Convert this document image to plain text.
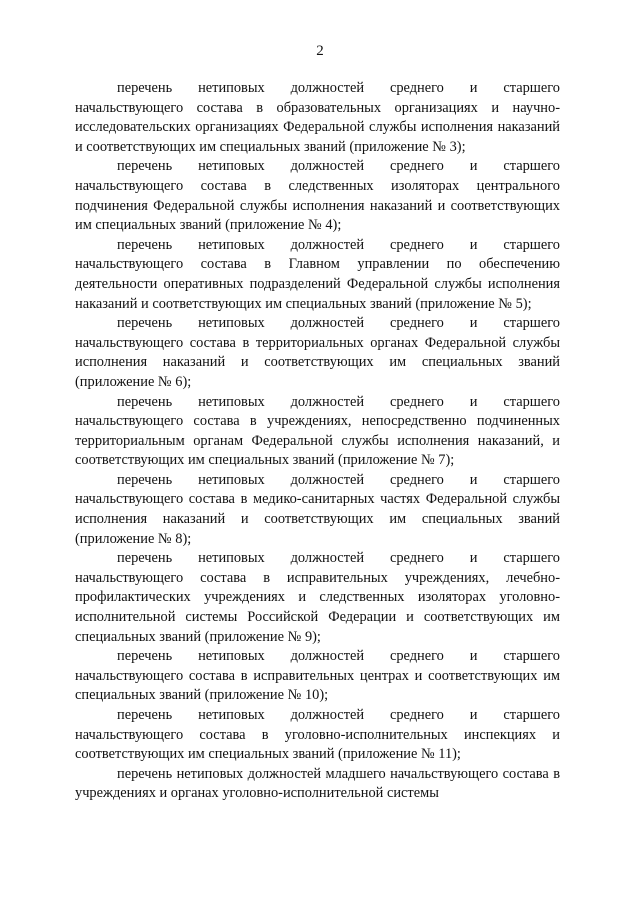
2

перечень нетиповых должностей среднего и старшего начальствующего состава в образовательных организациях и научно-исследовательских организациях Федеральной службы исполнения наказаний и соответствующих им специальных званий (приложение № 3);

перечень нетиповых должностей среднего и старшего начальствующего состава в следственных изоляторах центрального подчинения Федеральной службы исполнения наказаний и соответствующих им специальных званий (приложение № 4);

перечень нетиповых должностей среднего и старшего начальствующего состава в Главном управлении по обеспечению деятельности оперативных подразделений Федеральной службы исполнения наказаний и соответствующих им специальных званий (приложение № 5);

перечень нетиповых должностей среднего и старшего начальствующего состава в территориальных органах Федеральной службы исполнения наказаний и соответствующих им специальных званий (приложение № 6);

перечень нетиповых должностей среднего и старшего начальствующего состава в учреждениях, непосредственно подчиненных территориальным органам Федеральной службы исполнения наказаний, и соответствующих им специальных званий (приложение № 7);

перечень нетиповых должностей среднего и старшего начальствующего состава в медико-санитарных частях Федеральной службы исполнения наказаний и соответствующих им специальных званий (приложение № 8);

перечень нетиповых должностей среднего и старшего начальствующего состава в исправительных учреждениях, лечебно-профилактических учреждениях и следственных изоляторах уголовно-исполнительной системы Российской Федерации и соответствующих им специальных званий (приложение № 9);

перечень нетиповых должностей среднего и старшего начальствующего состава в исправительных центрах и соответствующих им специальных званий (приложение № 10);

перечень нетиповых должностей среднего и старшего начальствующего состава в уголовно-исполнительных инспекциях и соответствующих им специальных званий (приложение № 11);

перечень нетиповых должностей младшего начальствующего состава в учреждениях и органах уголовно-исполнительной системы
